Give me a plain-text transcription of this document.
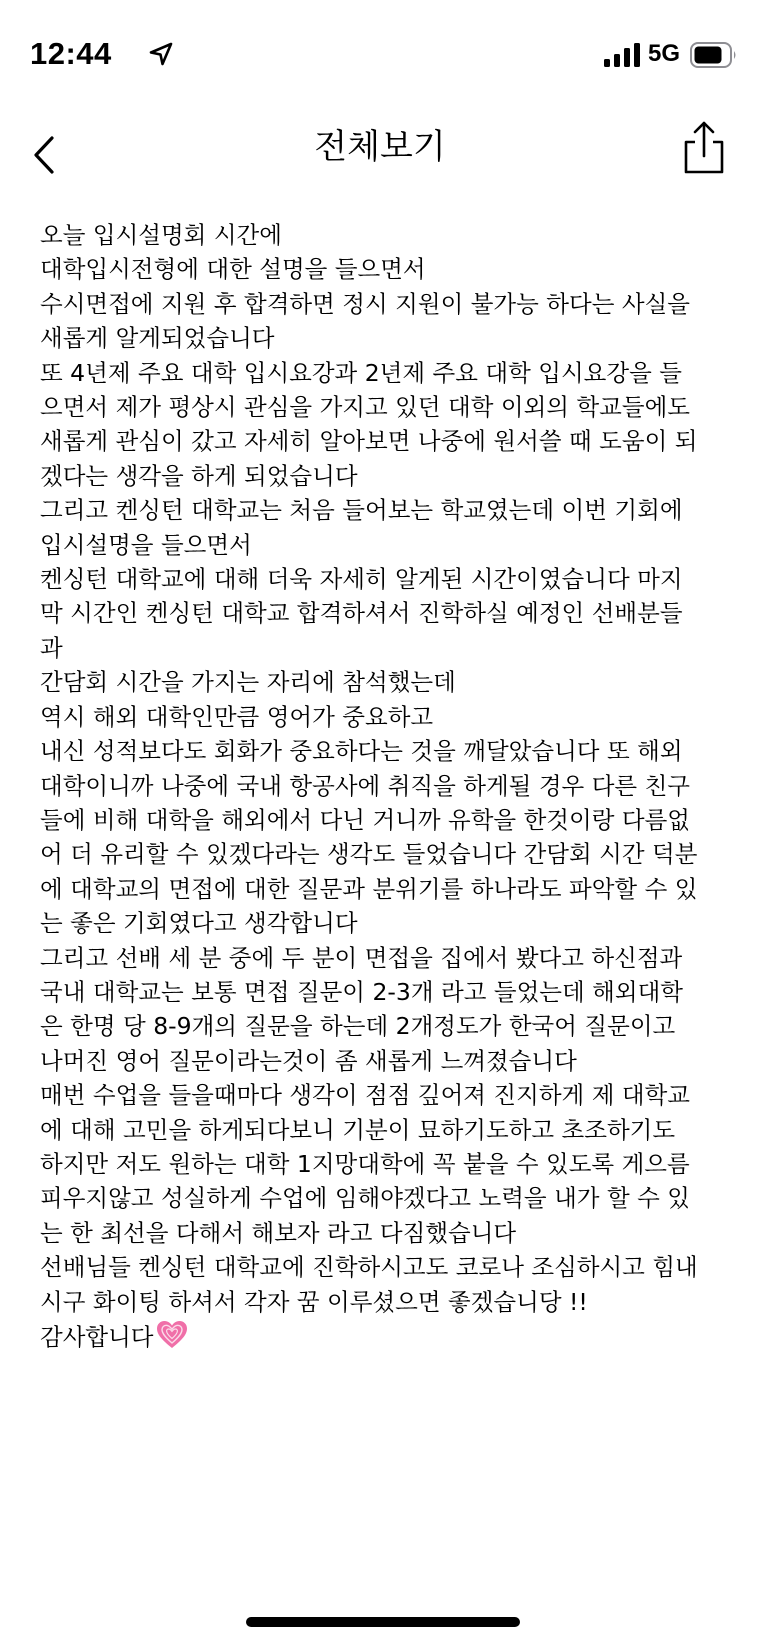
12:44	5G
전체보기
오늘 입시설명회 시간에
대학입시전형에 대한 설명을 들으면서
수시면접에 지원 후 합격하면 정시 지원이 불가능 하다는 사실을
새롭게 알게되었습니다
또 4년제 주요 대학 입시요강과 2년제 주요 대학 입시요강을 들
으면서 제가 평상시 관심을 가지고 있던 대학 이외의 학교들에도
새롭게 관심이 갔고 자세히 알아보면 나중에 원서쓸 때 도움이 되
겠다는 생각을 하게 되었습니다
그리고 켄싱턴 대학교는 처음 들어보는 학교였는데 이번 기회에
입시설명을 들으면서
켄싱턴 대학교에 대해 더욱 자세히 알게된 시간이였습니다 마지
막 시간인 켄싱턴 대학교 합격하셔서 진학하실 예정인 선배분들
과
간담회 시간을 가지는 자리에 참석했는데
역시 해외 대학인만큼 영어가 중요하고
내신 성적보다도 회화가 중요하다는 것을 깨달았습니다 또 해외
대학이니까 나중에 국내 항공사에 취직을 하게될 경우 다른 친구
들에 비해 대학을 해외에서 다닌 거니까 유학을 한것이랑 다름없
어 더 유리할 수 있겠다라는 생각도 들었습니다 간담회 시간 덕분
에 대학교의 면접에 대한 질문과 분위기를 하나라도 파악할 수 있
는 좋은 기회였다고 생각합니다
그리고 선배 세 분 중에 두 분이 면접을 집에서 봤다고 하신점과
국내 대학교는 보통 면접 질문이 2-3개 라고 들었는데 해외대학
은 한명 당 8-9개의 질문을 하는데 2개정도가 한국어 질문이고
나머진 영어 질문이라는것이 좀 새롭게 느껴졌습니다
매번 수업을 들을때마다 생각이 점점 깊어져 진지하게 제 대학교
에 대해 고민을 하게되다보니 기분이 묘하기도하고 초조하기도
하지만 저도 원하는 대학 1지망대학에 꼭 붙을 수 있도록 게으름
피우지않고 성실하게 수업에 임해야겠다고 노력을 내가 할 수 있
는 한 최선을 다해서 해보자 라고 다짐했습니다
선배님들 켄싱턴 대학교에 진학하시고도 코로나 조심하시고 힘내
시구 화이팅 하셔서 각자 꿈 이루셨으면 좋겠습니당 !!
감사합니다
